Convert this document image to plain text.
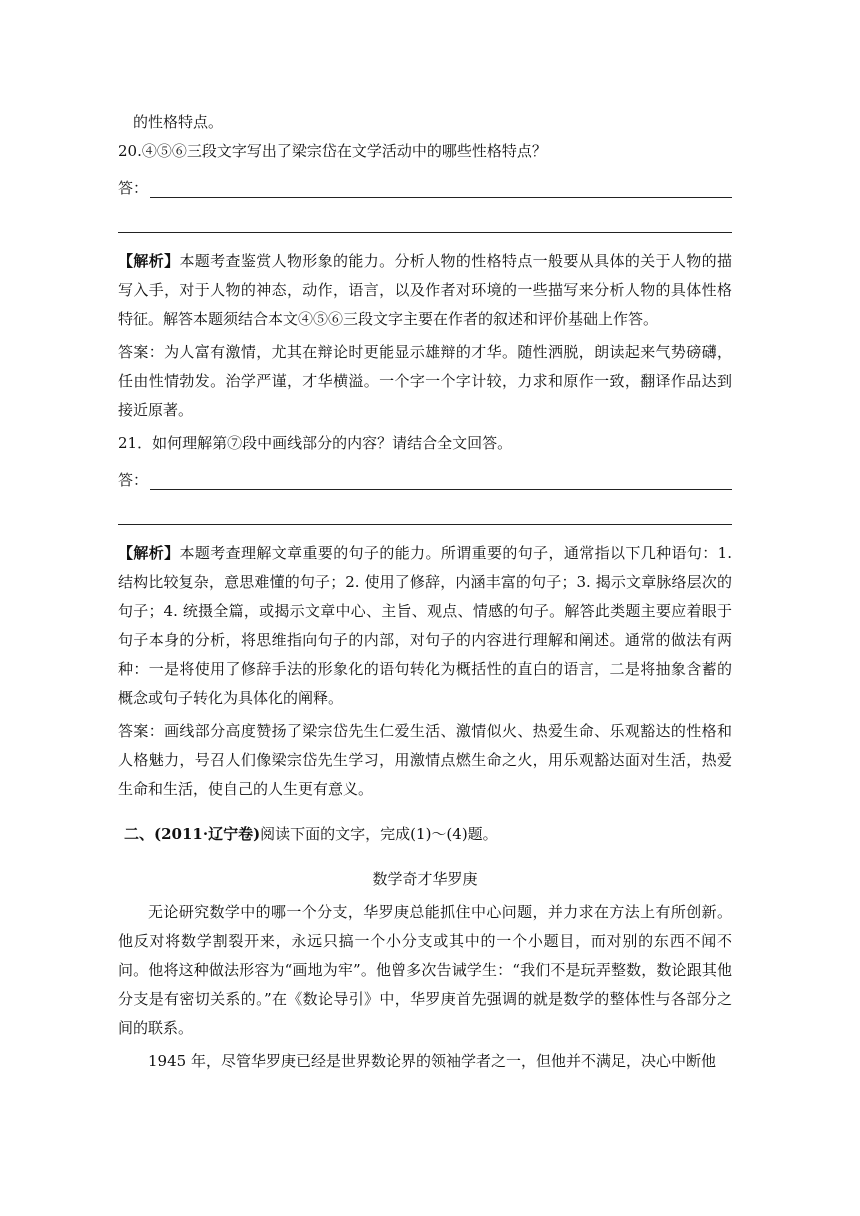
的性格特点。

20.④⑤⑥三段文字写出了梁宗岱在文学活动中的哪些性格特点？

答：

【解析】本题考查鉴赏人物形象的能力。分析人物的性格特点一般要从具体的关于人物的描写入手，对于人物的神态，动作，语言，以及作者对环境的一些描写来分析人物的具体性格特征。解答本题须结合本文④⑤⑥三段文字主要在作者的叙述和评价基础上作答。

答案：为人富有激情，尤其在辩论时更能显示雄辩的才华。随性洒脱，朗读起来气势磅礴，任由性情勃发。治学严谨，才华横溢。一个字一个字计较，力求和原作一致，翻译作品达到接近原著。

21．如何理解第⑦段中画线部分的内容？请结合全文回答。

答：

【解析】本题考查理解文章重要的句子的能力。所谓重要的句子，通常指以下几种语句：1. 结构比较复杂，意思难懂的句子；2. 使用了修辞，内涵丰富的句子；3. 揭示文章脉络层次的句子；4. 统摄全篇，或揭示文章中心、主旨、观点、情感的句子。解答此类题主要应着眼于句子本身的分析，将思维指向句子的内部，对句子的内容进行理解和阐述。通常的做法有两种：一是将使用了修辞手法的形象化的语句转化为概括性的直白的语言，二是将抽象含蓄的概念或句子转化为具体化的阐释。

答案：画线部分高度赞扬了梁宗岱先生仁爱生活、激情似火、热爱生命、乐观豁达的性格和人格魅力，号召人们像梁宗岱先生学习，用激情点燃生命之火，用乐观豁达面对生活，热爱生命和生活，使自己的人生更有意义。

二、(2011·辽宁卷)阅读下面的文字，完成(1)～(4)题。

数学奇才华罗庚

无论研究数学中的哪一个分支，华罗庚总能抓住中心问题，并力求在方法上有所创新。他反对将数学割裂开来，永远只搞一个小分支或其中的一个小题目，而对别的东西不闻不问。他将这种做法形容为“画地为牢”。他曾多次告诫学生：“我们不是玩弄整数，数论跟其他分支是有密切关系的。”在《数论导引》中，华罗庚首先强调的就是数学的整体性与各部分之间的联系。

1945 年，尽管华罗庚已经是世界数论界的领袖学者之一，但他并不满足，决心中断他
